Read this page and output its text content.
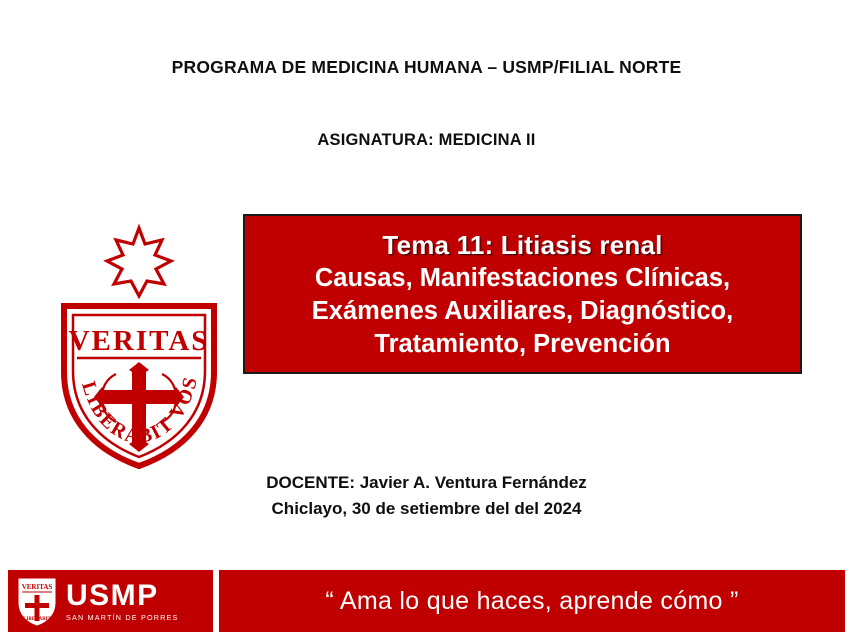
PROGRAMA DE MEDICINA HUMANA – USMP/FILIAL NORTE
ASIGNATURA: MEDICINA II
VERITAS
LIBERABIT VOS
Tema 11: Litiasis renal
Causas, Manifestaciones Clínicas,
Exámenes Auxiliares, Diagnóstico,
Tratamiento, Prevención
DOCENTE: Javier A. Ventura Fernández
Chiclayo, 30 de setiembre del del 2024
VERITAS
LIBERABIT
USMP
SAN MARTÍN DE PORRES
“ Ama lo que haces, aprende cómo ”
